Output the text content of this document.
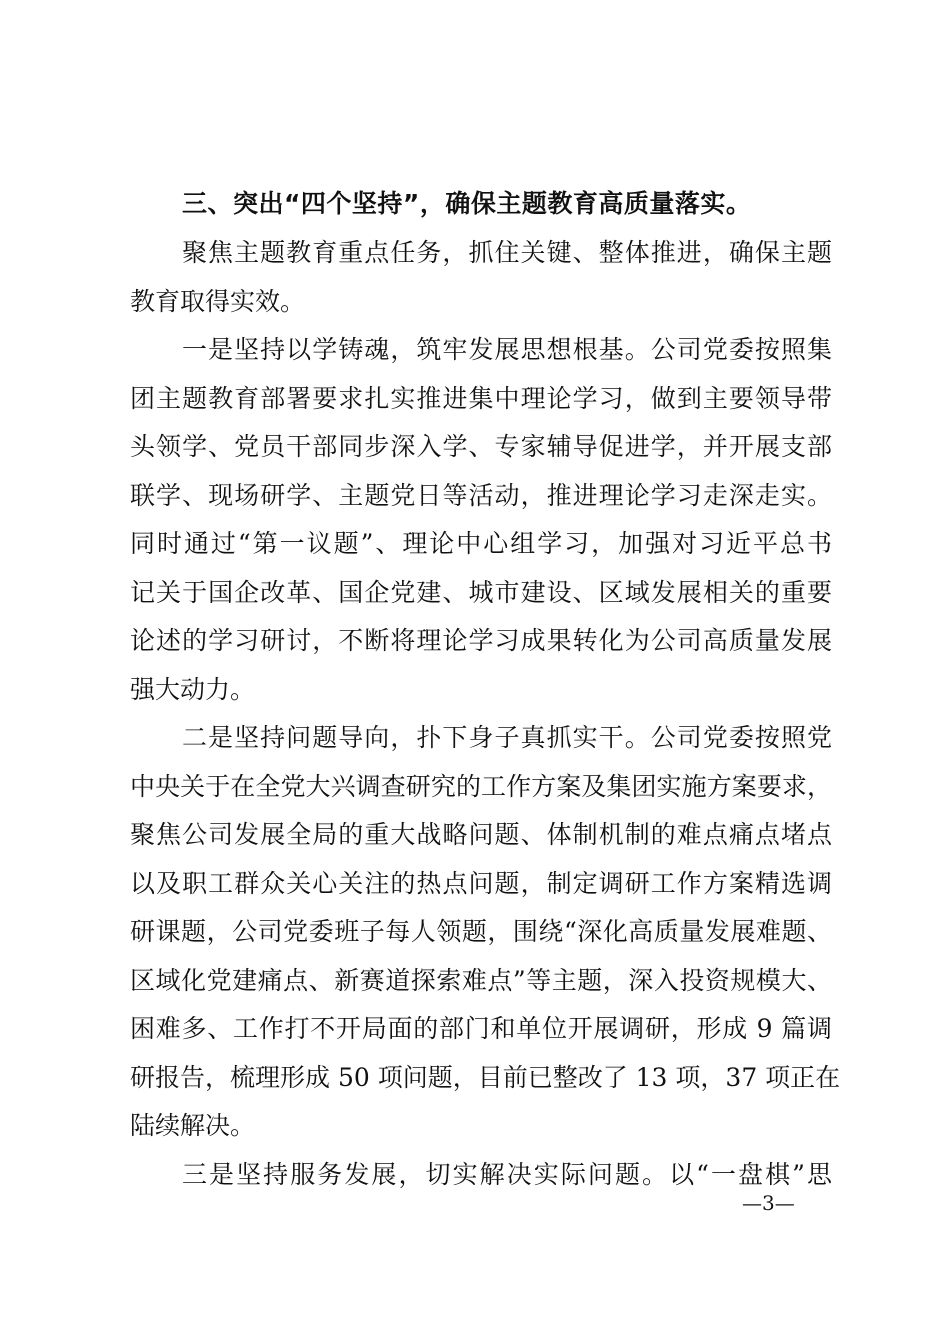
三、突出“四个坚持”，确保主题教育高质量落实。
聚焦主题教育重点任务，抓住关键、整体推进，确保主题
教育取得实效。
一是坚持以学铸魂，筑牢发展思想根基。公司党委按照集
团主题教育部署要求扎实推进集中理论学习，做到主要领导带
头领学、党员干部同步深入学、专家辅导促进学，并开展支部
联学、现场研学、主题党日等活动，推进理论学习走深走实。
同时通过“第一议题”、理论中心组学习，加强对习近平总书
记关于国企改革、国企党建、城市建设、区域发展相关的重要
论述的学习研讨，不断将理论学习成果转化为公司高质量发展
强大动力。
二是坚持问题导向，扑下身子真抓实干。公司党委按照党
中央关于在全党大兴调查研究的工作方案及集团实施方案要求，
聚焦公司发展全局的重大战略问题、体制机制的难点痛点堵点
以及职工群众关心关注的热点问题，制定调研工作方案精选调
研课题，公司党委班子每人领题，围绕“深化高质量发展难题、
区域化党建痛点、新赛道探索难点”等主题，深入投资规模大、
困难多、工作打不开局面的部门和单位开展调研，形成 9 篇调
研报告，梳理形成 50 项问题，目前已整改了 13 项，37 项正在
陆续解决。
三是坚持服务发展，切实解决实际问题。以“一盘棋”思
—3—
